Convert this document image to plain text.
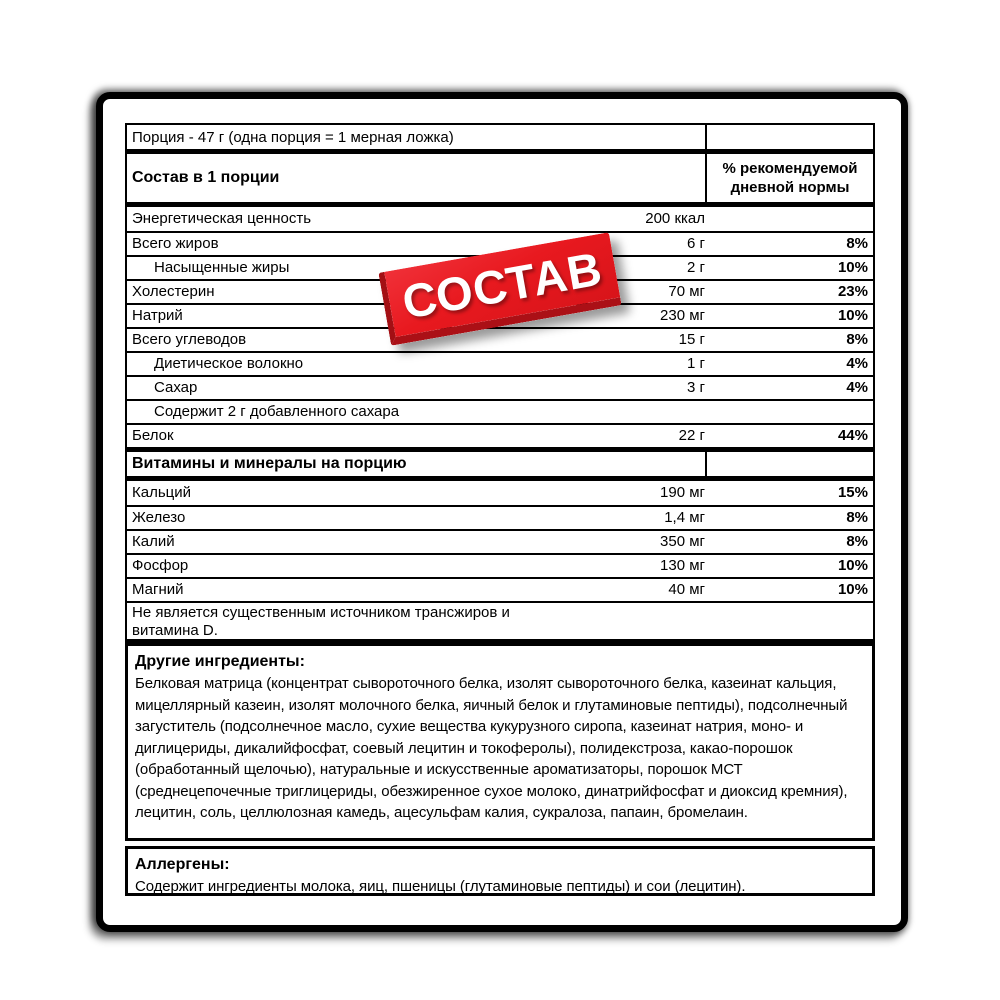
Порция - 47 г (одна порция = 1 мерная ложка)
Состав в 1 порции
% рекомендуемой
дневной нормы
Энергетическая ценность	200 ккал
Всего жиров	6 г	8%
Насыщенные жиры	2 г	10%
Холестерин	70 мг	23%
Натрий	230 мг	10%
Всего углеводов	15 г	8%
Диетическое волокно	1 г	4%
Сахар	3 г	4%
Содержит 2 г добавленного сахара
Белок	22 г	44%
Витамины и минералы на порцию
Кальций	190 мг	15%
Железо	1,4 мг	8%
Калий	350 мг	8%
Фосфор	130 мг	10%
Магний	40 мг	10%
Не является существенным источником трансжиров и
витамина D.
Другие ингредиенты:
Белковая матрица (концентрат сывороточного белка, изолят сывороточного белка, казеинат кальция, мицеллярный казеин, изолят молочного белка, яичный белок и глутаминовые пептиды), подсолнечный загуститель (подсолнечное масло, сухие вещества кукурузного сиропа, казеинат натрия, моно- и диглицериды, дикалийфосфат, соевый лецитин и токоферолы), полидекстроза, какао-порошок (обработанный щелочью), натуральные и искусственные ароматизаторы, порошок МСТ (среднецепочечные триглицериды, обезжиренное сухое молоко, динатрийфосфат и диоксид кремния), лецитин, соль, целлюлозная камедь, ацесульфам калия, сукралоза, папаин, бромелаин.
Аллергены:
Содержит ингредиенты молока, яиц, пшеницы (глутаминовые пептиды) и сои (лецитин).
СОСТАВ
